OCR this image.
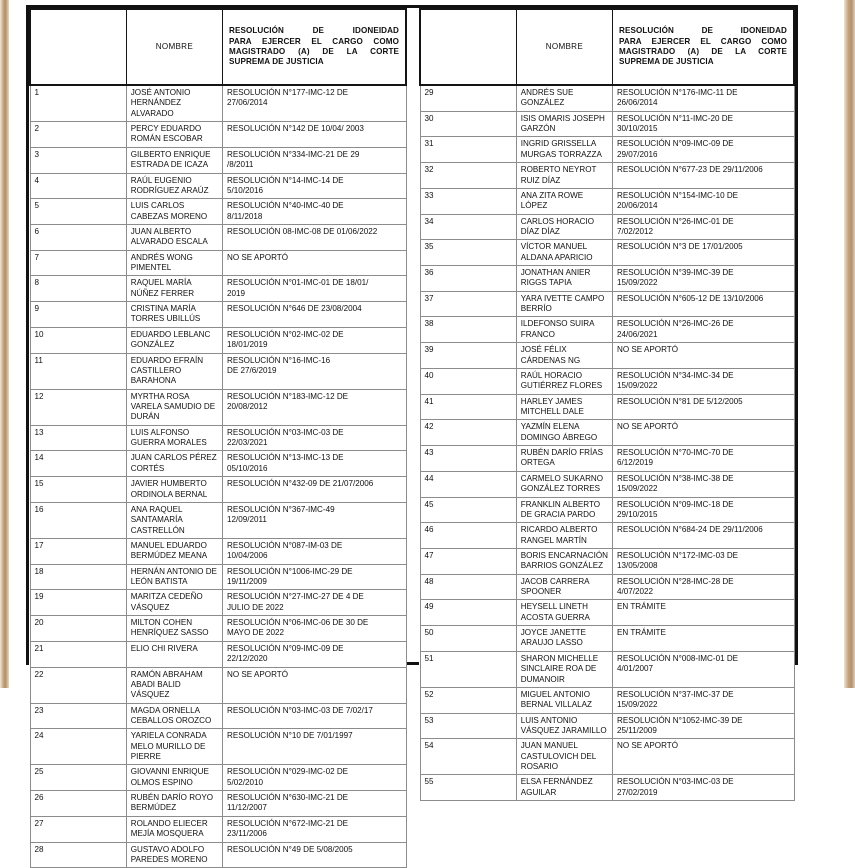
	NOMBRE	RESOLUCIÓN DE IDONEIDAD
PARA EJERCER EL CARGO COMO
MAGISTRADO (A) DE LA CORTE
SUPREMA DE JUSTICIA

1	JOSÉ ANTONIO HERNÁNDEZ ALVARADO	RESOLUCIÓN N°177-IMC-12 DE
27/06/2014

2	PERCY EDUARDO ROMÁN ESCOBAR	RESOLUCIÓN N°142 DE 10/04/ 2003

3	GILBERTO ENRIQUE ESTRADA DE ICAZA	RESOLUCIÓN N°334-IMC-21 DE 29
/8/2011

4	RAÚL EUGENIO RODRÍGUEZ ARAÚZ	RESOLUCIÓN N°14-IMC-14 DE
5/10/2016

5	LUIS CARLOS CABEZAS MORENO	RESOLUCIÓN N°40-IMC-40 DE
8/11/2018

6	JUAN ALBERTO ALVARADO ESCALA	RESOLUCIÓN 08-IMC-08 DE 01/06/2022

7	ANDRÉS WONG PIMENTEL	NO SE APORTÓ

8	RAQUEL MARÍA NÚÑEZ FERRER	RESOLUCIÓN N°01-IMC-01 DE 18/01/
2019

9	CRISTINA MARÍA TORRES UBILLÚS	RESOLUCIÓN N°646 DE 23/08/2004

10	EDUARDO LEBLANC GONZÁLEZ	RESOLUCIÓN N°02-IMC-02 DE
18/01/2019

11	EDUARDO EFRAÍN CASTILLERO BARAHONA	RESOLUCIÓN N°16-IMC-16
DE 27/6/2019

12	MYRTHA ROSA VARELA SAMUDIO DE DURÁN	RESOLUCIÓN N°183-IMC-12 DE
20/08/2012

13	LUIS ALFONSO GUERRA MORALES	RESOLUCIÓN N°03-IMC-03 DE
22/03/2021

14	JUAN CARLOS PÉREZ CORTÉS	RESOLUCIÓN N°13-IMC-13 DE
05/10/2016

15	JAVIER HUMBERTO ORDINOLA BERNAL	RESOLUCIÓN N°432-09 DE 21/07/2006

16	ANA RAQUEL SANTAMARÍA CASTRELLÓN	RESOLUCIÓN N°367-IMC-49
12/09/2011

17	MANUEL EDUARDO BERMÚDEZ MEANA	RESOLUCIÓN N°087-IM-03 DE
10/04/2006

18	HERNÁN ANTONIO DE LEÓN BATISTA	RESOLUCIÓN N°1006-IMC-29 DE
19/11/2009

19	MARITZA CEDEÑO VÁSQUEZ	RESOLUCIÓN N°27-IMC-27 DE 4 DE
JULIO DE 2022

20	MILTON COHEN HENRÍQUEZ SASSO	RESOLUCIÓN N°06-IMC-06 DE 30 DE
MAYO DE 2022

21	ELIO CHI RIVERA	RESOLUCIÓN N°09-IMC-09 DE
22/12/2020

22	RAMÓN ABRAHAM ABADI BALID VÁSQUEZ	NO SE APORTÓ

23	MAGDA ORNELLA CEBALLOS OROZCO	RESOLUCIÓN N°03-IMC-03 DE 7/02/17

24	YARIELA CONRADA MELO MURILLO DE PIERRE	RESOLUCIÓN N°10 DE 7/01/1997

25	GIOVANNI ENRIQUE OLMOS ESPINO	RESOLUCIÓN N°029-IMC-02 DE
5/02/2010

26	RUBÉN DARÍO ROYO BERMÚDEZ	RESOLUCIÓN N°630-IMC-21 DE
11/12/2007

27	ROLANDO ELIECER MEJÍA MOSQUERA	RESOLUCIÓN N°672-IMC-21 DE
23/11/2006

28	GUSTAVO ADOLFO PAREDES MORENO	RESOLUCIÓN N°49 DE 5/08/2005
	NOMBRE	RESOLUCIÓN DE IDONEIDAD
PARA EJERCER EL CARGO COMO
MAGISTRADO (A) DE LA CORTE
SUPREMA DE JUSTICIA

29	ANDRÉS SUE GONZÁLEZ	RESOLUCIÓN N°176-IMC-11 DE
26/06/2014

30	ISIS OMARIS JOSEPH GARZÓN	RESOLUCIÓN N°11-IMC-20 DE
30/10/2015

31	INGRID GRISSELLA MURGAS TORRAZZA	RESOLUCIÓN N°09-IMC-09 DE
29/07/2016

32	ROBERTO NEYROT RUIZ DÍAZ	RESOLUCIÓN N°677-23 DE 29/11/2006

33	ANA ZITA ROWE LÓPEZ	RESOLUCIÓN N°154-IMC-10 DE
20/06/2014

34	CARLOS HORACIO DÍAZ DÍAZ	RESOLUCIÓN N°26-IMC-01 DE
7/02/2012

35	VÍCTOR MANUEL ALDANA APARICIO	RESOLUCIÓN N°3 DE 17/01/2005

36	JONATHAN ANIER RIGGS TAPIA	RESOLUCIÓN N°39-IMC-39 DE
15/09/2022

37	YARA IVETTE CAMPO BERRÍO	RESOLUCIÓN N°605-12 DE 13/10/2006

38	ILDEFONSO SUIRA FRANCO	RESOLUCIÓN N°26-IMC-26 DE
24/06/2021

39	JOSÉ FÉLIX CÁRDENAS NG	NO SE APORTÓ

40	RAÚL HORACIO GUTIÉRREZ FLORES	RESOLUCIÓN N°34-IMC-34 DE
15/09/2022

41	HARLEY JAMES MITCHELL DALE	RESOLUCIÓN N°81 DE 5/12/2005

42	YAZMÍN ELENA DOMINGO ÁBREGO	NO SE APORTÓ

43	RUBÉN DARÍO FRÍAS ORTEGA	RESOLUCIÓN N°70-IMC-70 DE
6/12/2019

44	CARMELO SUKARNO GONZÁLEZ TORRES	RESOLUCIÓN N°38-IMC-38 DE
15/09/2022

45	FRANKLIN ALBERTO DE GRACIA PARDO	RESOLUCIÓN N°09-IMC-18 DE
29/10/2015

46	RICARDO ALBERTO RANGEL MARTÍN	RESOLUCIÓN N°684-24 DE 29/11/2006

47	BORIS ENCARNACIÓN BARRIOS GONZÁLEZ	RESOLUCIÓN N°172-IMC-03 DE
13/05/2008

48	JACOB CARRERA SPOONER	RESOLUCIÓN N°28-IMC-28 DE
4/07/2022

49	HEYSELL LINETH ACOSTA GUERRA	EN TRÁMITE

50	JOYCE JANETTE ARAUJO LASSO	EN TRÁMITE

51	SHARON MICHELLE SINCLAIRE ROA DE DUMANOIR	RESOLUCIÓN N°008-IMC-01 DE
4/01/2007

52	MIGUEL ANTONIO BERNAL VILLALAZ	RESOLUCIÓN N°37-IMC-37 DE
15/09/2022

53	LUIS ANTONIO VÁSQUEZ JARAMILLO	RESOLUCIÓN N°1052-IMC-39 DE
25/11/2009

54	JUAN MANUEL CASTULOVICH DEL ROSARIO	NO SE APORTÓ

55	ELSA FERNÁNDEZ AGUILAR	RESOLUCIÓN N°03-IMC-03 DE
27/02/2019
